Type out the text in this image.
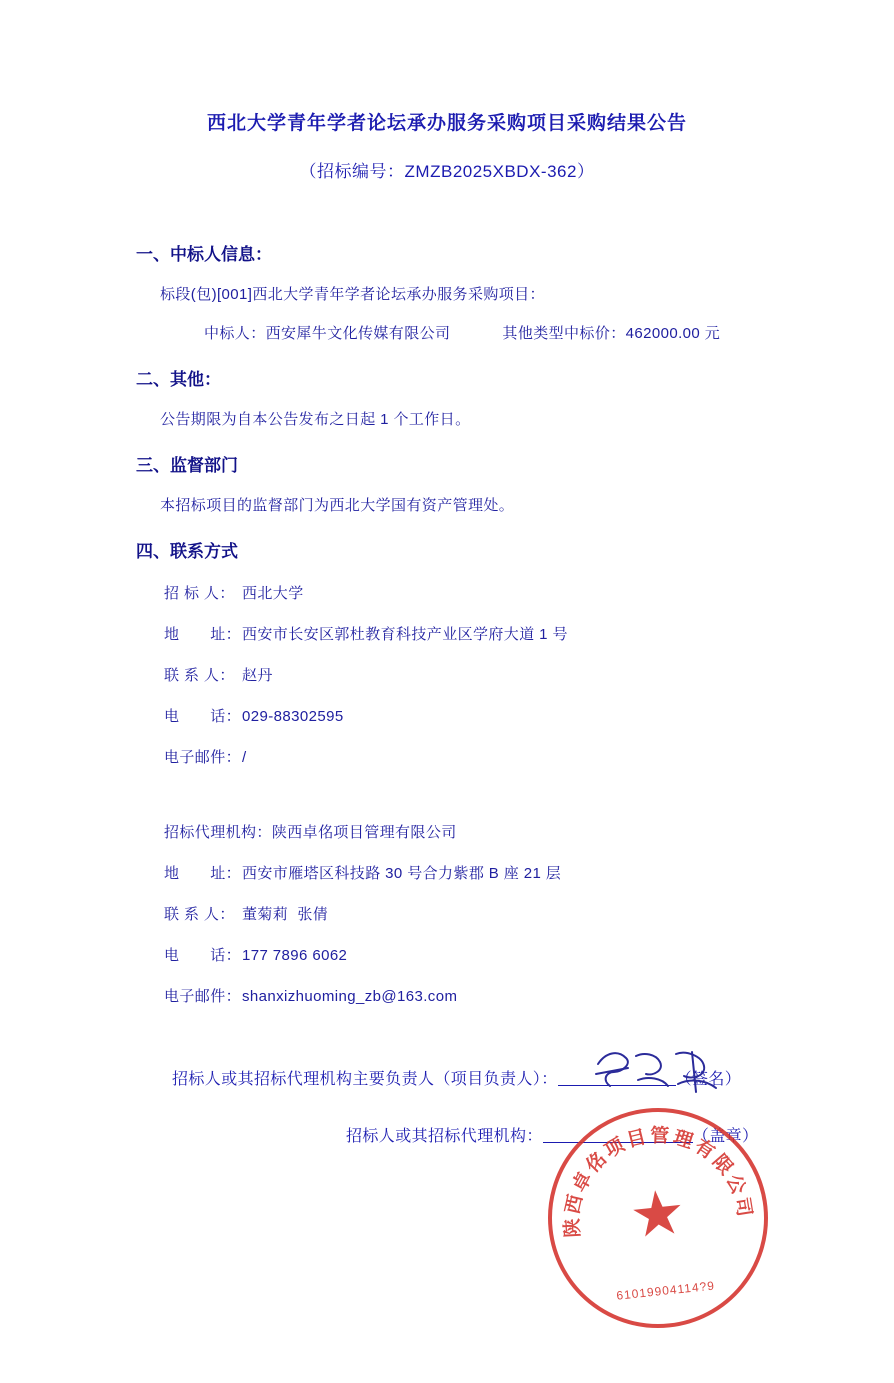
西北大学青年学者论坛承办服务采购项目采购结果公告
（招标编号：ZMZB2025XBDX-362）
一、中标人信息：
标段(包)[001]西北大学青年学者论坛承办服务采购项目：
中标人：西安犀牛文化传媒有限公司	其他类型中标价：462000.00 元
二、其他：
公告期限为自本公告发布之日起 1 个工作日。
三、监督部门
本招标项目的监督部门为西北大学国有资产管理处。
四、联系方式
招 标 人： 西北大学
地　　址：西安市长安区郭杜教育科技产业区学府大道 1 号
联 系 人： 赵丹
电　　话：029-88302595
电子邮件：/
招标代理机构：陕西卓佲项目管理有限公司
地　　址：西安市雁塔区科技路 30 号合力紫郡 B 座 21 层
联 系 人： 董菊莉  张倩
电　　话：177 7896 6062
电子邮件：shanxizhuoming_zb@163.com
招标人或其招标代理机构主要负责人（项目负责人）：	（签名）
招标人或其招标代理机构：	（盖章）
陕西卓佲项目管理有限公司
★
61019904114?9
